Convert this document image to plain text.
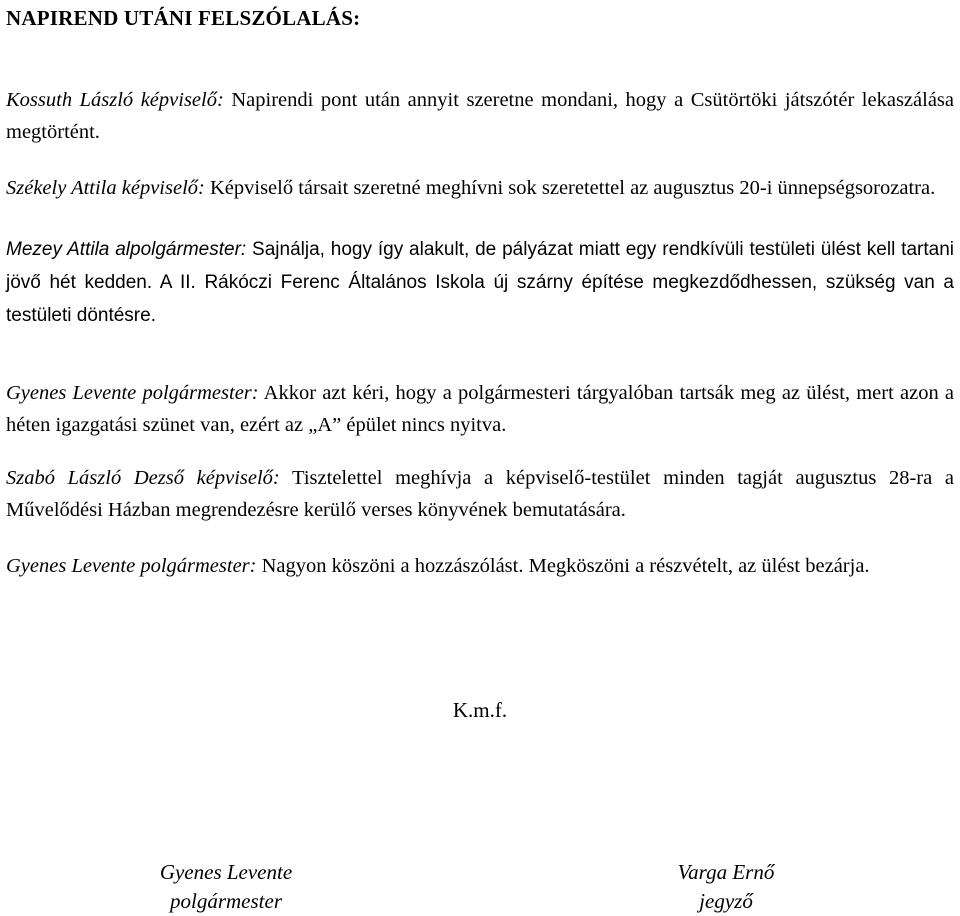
NAPIREND UTÁNI FELSZÓLALÁS:

Kossuth László képviselő: Napirendi pont után annyit szeretne mondani, hogy a Csütörtöki játszótér lekaszálása megtörtént.

Székely Attila képviselő: Képviselő társait szeretné meghívni sok szeretettel az augusztus 20-i ünnepségsorozatra.

Mezey Attila alpolgármester: Sajnálja, hogy így alakult, de pályázat miatt egy rendkívüli testületi ülést kell tartani jövő hét kedden. A II. Rákóczi Ferenc Általános Iskola új szárny építése megkezdődhessen, szükség van a testületi döntésre.

Gyenes Levente polgármester: Akkor azt kéri, hogy a polgármesteri tárgyalóban tartsák meg az ülést, mert azon a héten igazgatási szünet van, ezért az „A” épület nincs nyitva.

Szabó László Dezső képviselő: Tisztelettel meghívja a képviselő-testület minden tagját augusztus 28-ra a Művelődési Házban megrendezésre kerülő verses könyvének bemutatására.

Gyenes Levente polgármester: Nagyon köszöni a hozzászólást. Megköszöni a részvételt, az ülést bezárja.

K.m.f.
Gyenes Levente
polgármester
Varga Ernő
jegyző
